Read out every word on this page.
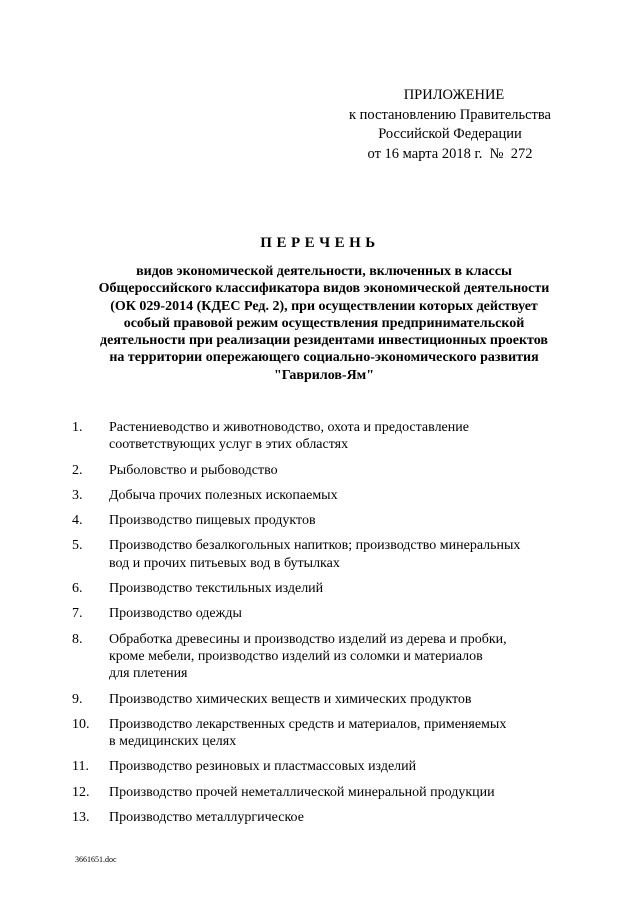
ПРИЛОЖЕНИЕ
к постановлению Правительства
Российской Федерации
от 16 марта 2018 г.  №  272
ПЕРЕЧЕНЬ
видов экономической деятельности, включенных в классы
Общероссийского классификатора видов экономической деятельности
(ОК 029-2014 (КДЕС Ред. 2), при осуществлении которых действует
особый правовой режим осуществления предпринимательской
деятельности при реализации резидентами инвестиционных проектов
на территории опережающего социально-экономического развития
"Гаврилов-Ям"
1.	Растениеводство и животноводство, охота и предоставление
соответствующих услуг в этих областях
2.	Рыболовство и рыбоводство
3.	Добыча прочих полезных ископаемых
4.	Производство пищевых продуктов
5.	Производство безалкогольных напитков; производство минеральных
вод и прочих питьевых вод в бутылках
6.	Производство текстильных изделий
7.	Производство одежды
8.	Обработка древесины и производство изделий из дерева и пробки,
кроме мебели, производство изделий из соломки и материалов
для плетения
9.	Производство химических веществ и химических продуктов
10.	Производство лекарственных средств и материалов, применяемых
в медицинских целях
11.	Производство резиновых и пластмассовых изделий
12.	Производство прочей неметаллической минеральной продукции
13.	Производство металлургическое
3661651.doc
